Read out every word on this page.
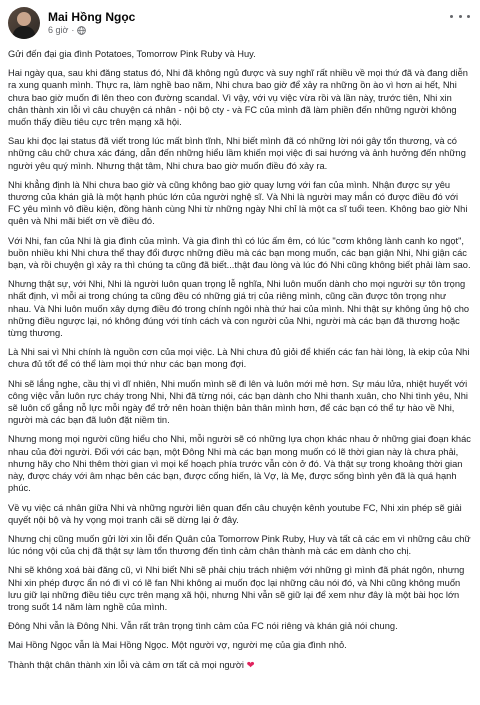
Mai Hồng Ngọc
6 giờ ·

Gửi đến đại gia đình Potatoes, Tomorrow Pink Ruby và Huy.

Hai ngày qua, sau khi đăng status đó, Nhi đã không ngủ được và suy nghĩ rất nhiều về mọi thứ đã và đang diễn ra xung quanh mình. Thực ra, làm nghề bao năm, Nhi chưa bao giờ để xảy ra những ồn ào vì hơn ai hết, Nhi chưa bao giờ muốn đi lên theo con đường scandal. Vì vậy, với vụ việc vừa rồi và lần này, trước tiên, Nhi xin chân thành xin lỗi vì câu chuyện cá nhân - nội bộ cty - và FC của mình đã làm phiền đến những người không muốn thấy điều tiêu cực trên mạng xã hội.

Sau khi đọc lại status đã viết trong lúc mất bình tĩnh, Nhi biết mình đã có những lời nói gây tổn thương, và có những câu chữ chưa xác đáng, dẫn đến những hiểu lầm khiến mọi việc đi sai hướng và ảnh hưởng đến những người yêu quý mình. Nhưng thật tâm, Nhi chưa bao giờ muốn điều đó xảy ra.

Nhi khẳng định là Nhi chưa bao giờ và cũng không bao giờ quay lưng với fan của mình. Nhận được sự yêu thương của khán giả là một hạnh phúc lớn của người nghệ sĩ. Và Nhi là người may mắn có được điều đó với FC yêu mình vô điều kiện, đồng hành cùng Nhi từ những ngày Nhi chỉ là một ca sĩ tuổi teen. Không bao giờ Nhi quên và Nhi mãi biết ơn về điều đó.

Với Nhi, fan của Nhi là gia đình của mình. Và gia đình thì có lúc ấm êm, có lúc "cơm không lành canh ko ngọt", buồn nhiều khi Nhi chưa thể thay đổi được những điều mà các bạn mong muốn, các bạn giận Nhi, Nhi giận các bạn, và rồi chuyện gì xảy ra thì chúng ta cũng đã biết...thật đau lòng và lúc đó Nhi cũng không biết phải làm sao.

Nhưng thật sự, với Nhi, Nhi là người luôn quan trọng lễ nghĩa, Nhi luôn muốn dành cho mọi người sự tôn trọng nhất định, vì mỗi ai trong chúng ta cũng đều có những giá trị của riêng mình, cũng cần được tôn trọng như nhau. Và Nhi luôn muốn xây dựng điều đó trong chính ngôi nhà thứ hai của mình. Nhi thật sự không ủng hộ cho những điều ngược lại, nó không đúng với tính cách và con người của Nhi, người mà các bạn đã thương hoặc từng thương.

Là Nhi sai vì Nhi chính là nguồn cơn của mọi việc. Là Nhi chưa đủ giỏi để khiến các fan hài lòng, là ekip của Nhi chưa đủ tốt để có thể làm mọi thứ như các bạn mong đợi.

Nhi sẽ lắng nghe, cầu thị vì dĩ nhiên, Nhi muốn mình sẽ đi lên và luôn mới mẻ hơn. Sự máu lửa, nhiệt huyết với công việc vẫn luôn rực cháy trong Nhi, Nhi đã từng nói, các bạn dành cho Nhi thanh xuân, cho Nhi tình yêu, Nhi sẽ luôn cố gắng nỗ lực mỗi ngày để trở nên hoàn thiện bản thân mình hơn, để các bạn có thể tự hào về Nhi, người mà các bạn đã luôn đặt niềm tin.

Nhưng mong mọi người cũng hiểu cho Nhi, mỗi người sẽ có những lựa chọn khác nhau ở những giai đoạn khác nhau của đời người. Đối với các bạn, một Đông Nhi mà các bạn mong muốn có lẽ thời gian này là chưa phải, nhưng hãy cho Nhi thêm thời gian vì mọi kế hoạch phía trước vẫn còn ở đó. Và thật sự trong khoảng thời gian này, được cháy với âm nhạc bên các bạn, được cống hiến, là Vợ, là Mẹ, được sống bình yên đã là quá hạnh phúc.

Về vụ việc cá nhân giữa Nhi và những người liên quan đến câu chuyện kênh youtube FC, Nhi xin phép sẽ giải quyết nội bộ và hy vọng mọi tranh cãi sẽ dừng lại ở đây.

Nhưng chị cũng muốn gửi lời xin lỗi đến Quân của Tomorrow Pink Ruby, Huy và tất cả các em vì những câu chữ lúc nóng vội của chị đã thật sự làm tổn thương đến tình cảm chân thành mà các em dành cho chị.

Nhi sẽ không xoá bài đăng cũ, vì Nhi biết Nhi sẽ phải chịu trách nhiệm với những gì mình đã phát ngôn, nhưng Nhi xin phép được ẩn nó đi vì có lẽ fan Nhi không ai muốn đọc lại những câu nói đó, và Nhi cũng không muốn lưu giữ lại những điều tiêu cực trên mạng xã hội, nhưng Nhi vẫn sẽ giữ lại để xem như đây là một bài học lớn trong suốt 14 năm làm nghề của mình.

Đông Nhi vẫn là Đông Nhi. Vẫn rất trân trọng tình cảm của FC nói riêng và khán giả nói chung.

Mai Hồng Ngọc vẫn là Mai Hồng Ngọc. Một người vợ, người mẹ của gia đình nhỏ.

Thành thật chân thành xin lỗi và cảm ơn tất cả mọi người ❤
